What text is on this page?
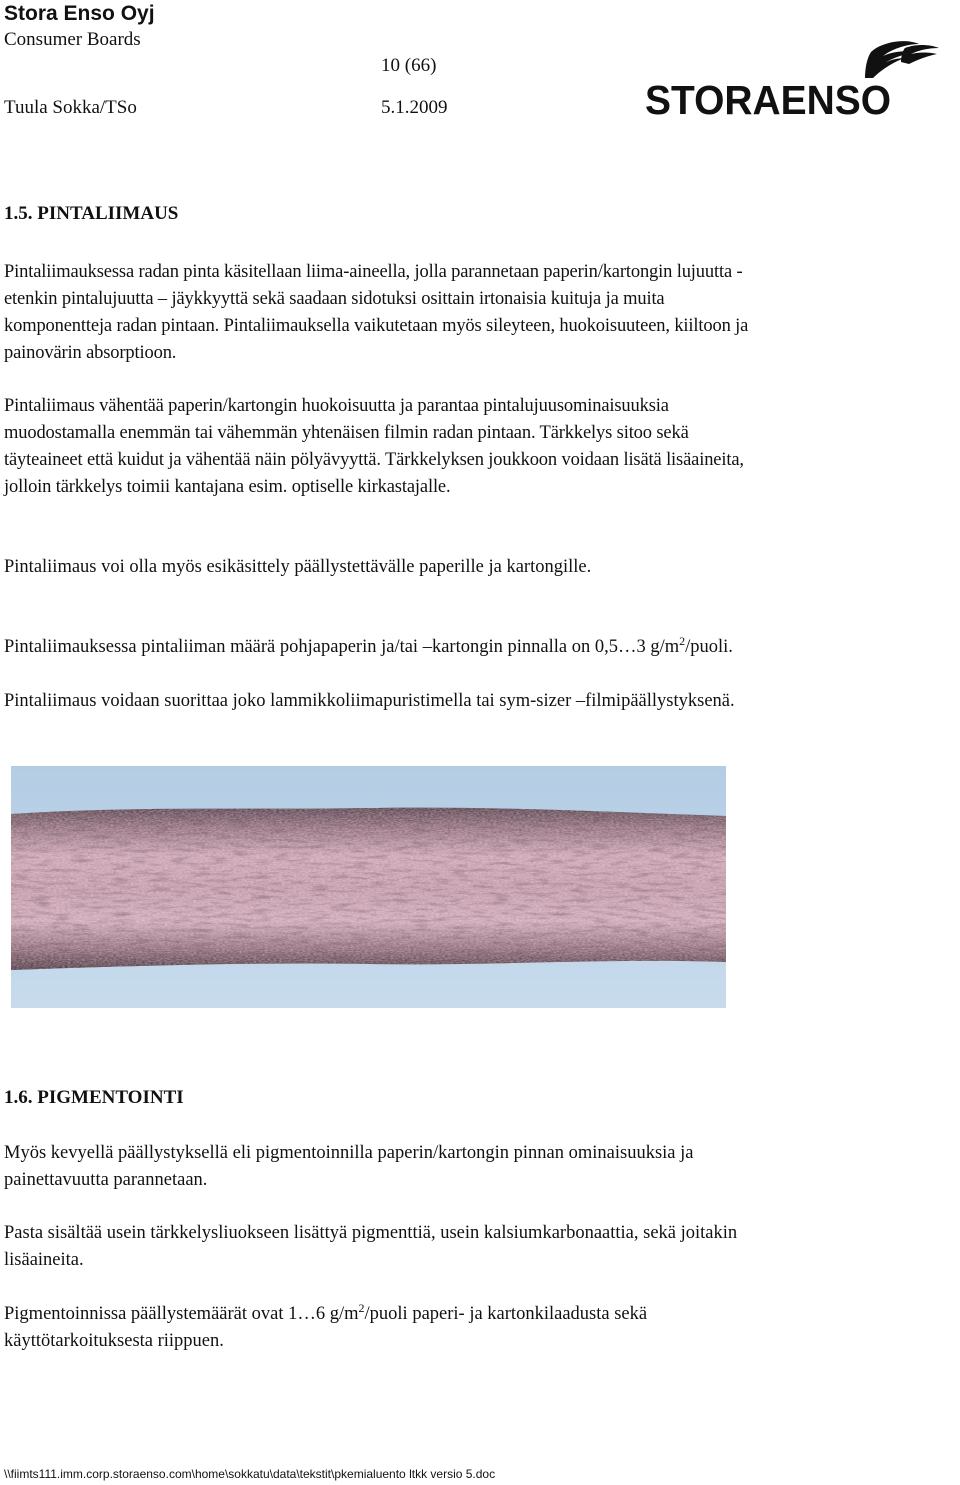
Stora Enso Oyj
Consumer Boards
10 (66)
Tuula Sokka/TSo	5.1.2009	STORAENSO
1.5. PINTALIIMAUS

Pintaliimauksessa radan pinta käsitellaan liima-aineella, jolla parannetaan paperin/kartongin lujuutta -
etenkin pintalujuutta – jäykkyyttä sekä saadaan sidotuksi osittain irtonaisia kuituja ja muita
komponentteja radan pintaan. Pintaliimauksella vaikutetaan myös sileyteen, huokoisuuteen, kiiltoon ja
painovärin absorptioon.

Pintaliimaus vähentää paperin/kartongin huokoisuutta ja parantaa pintalujuusominaisuuksia
muodostamalla enemmän tai vähemmän yhtenäisen filmin radan pintaan. Tärkkelys sitoo sekä
täyteaineet että kuidut ja vähentää näin pölyävyyttä. Tärkkelyksen joukkoon voidaan lisätä lisäaineita,
jolloin tärkkelys toimii kantajana esim. optiselle kirkastajalle.

Pintaliimaus voi olla myös esikäsittely päällystettävälle paperille ja kartongille.

Pintaliimauksessa pintaliiman määrä pohjapaperin ja/tai –kartongin pinnalla on 0,5…3 $g/m^2$/puoli.

Pintaliimaus voidaan suorittaa joko lammikkoliimapuristimella tai sym-sizer –filmipäällystyksenä.

1.6. PIGMENTOINTI

Myös kevyellä päällystyksellä eli pigmentoinnilla paperin/kartongin pinnan ominaisuuksia ja
painettavuutta parannetaan.

Pasta sisältää usein tärkkelysliuokseen lisättyä pigmenttiä, usein kalsiumkarbonaattia, sekä joitakin
lisäaineita.

Pigmentoinnissa päällystemäärät ovat 1…6 $g/m^2$/puoli paperi- ja kartonkilaadusta sekä
käyttötarkoituksesta riippuen.

\\fiimts111.imm.corp.storaenso.com\home\sokkatu\data\tekstit\pkemialuento ltkk versio 5.doc
